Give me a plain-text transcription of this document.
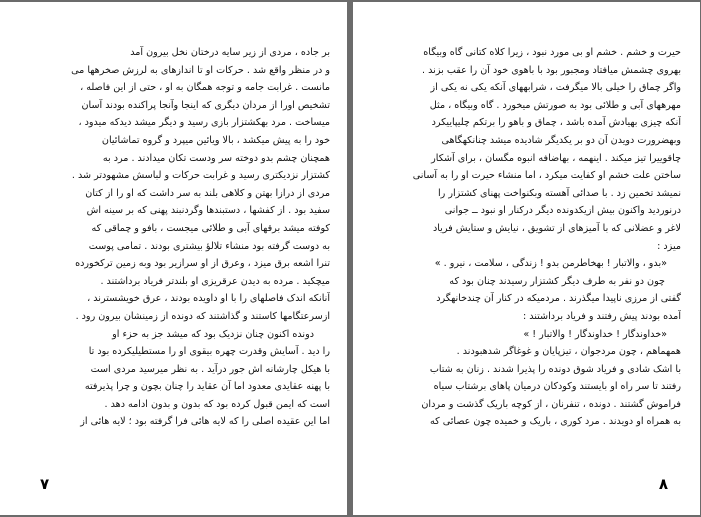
بر جاده ، مردی از زیر سایه درختان نخل بیرون آمد
و در منظر واقع شد . حرکات او تا اندازهای به لرزش صخرهها می
مانست . غرابت جامه و توجه همگان به او ، حتی از این فاصله ،
تشخیص اورا از مردان دیگری که اینجا وآنجا پراکنده بودند آسان
میساخت . مرد بهکشتزار بازی رسید و دیگر میشد دیدکه میدود ،
خود را به پیش میکشد ، بالا ویائین میپرد و گروه تماشائیان
همچنان چشم بدو دوخته سر ودست تکان میدادند . مرد به
کشتزار نزدیکتری رسید و غرابت حرکات و لباسش مشهودتر شد .
مردی از درازا بهتن و کلاهی بلند به سر داشت که او را از کتان
سفید بود . از کفشها ، دستبندها وگردنبند پهنی که بر سینه اش
کوفته میشد برقهای آبی و طلائی میجست ، بافو و چماقی که
به دوست گرفته بود منشاء تلالؤ بیشتری بودند . تمامی پوست
تنرا اشعه برق میزد ، وعرق از او سرازیر بود وبه زمین ترکخورده
میچکید . مرده به دیدن عرقریزی او بلندتر فریاد برداشتند .
آنانکه اندک فاصلهای را با او داویده بودند ، عرق خویشسترند ،
ازسرعتگامها کاستند و گذاشتند که دونده از زمینشان بیرون رود .
دونده اکنون چنان نزدیک بود که میشد جز به حزء او
را دید . آسایش وقدرت چهره بیقوی او را مستطیلیکرده بود تا
با هیکل چارشانه اش جور درآید . به نظر میرسید مردی است
با پهنه عقایدی معدود اما آن عقاید را چنان بچون و چرا پذیرفته
است که ایمن قبول کرده بود که بدون و بدون ادامه دهد .
اما این عقیده اصلی را که لایه هائی فرا گرفته بود ؛ لایه هائی از
۷
حیرت و خشم . خشم او بی مورد نبود ، زیرا کلاه کتانی گاه وبیگاه
بهروی چشمش میافتاد ومجبور بود با باهوی خود آن را عقب بزند .
واگر چماق را خیلی بالا میگرفت ، شرابههای آنکه یکی نه یکی از
مهرههای آبی و طلائی بود به صورتش میخورد . گاه وبیگاه ، مثل
آنکه چیزی بهیادش آمده باشد ، چماق و باهو را برتکم چلیپاییکرد
وبهضرورت دویدن آن دو بر یکدیگر شادیده میشد چنانکهگاهی
چاقوییرا تیز میکند . اینهمه ، بهاضافه انبوه مگسان ، برای آشکار
ساختن علت خشم او کفایت میکرد ، اما منشاء حیرت او را به آسانی
نمیشد تخمین زد . با صدائی آهسته وبکنواخت پهنای کشتزار را
درنوردید واکنون بیش ازیکدونده دیگر درکنار او نبود ــ جوانی
لاغر و عضلانی که با آمیزهای از تشویق ، نیایش و ستایش فریاد
میزد :
«بدو ، والاتبار ! بهخاطرمن بدو ! زندگی ، سلامت ، نیرو . »
چون دو نفر به طرف دیگر کشتزار رسیدند چنان بود که
گفتی از مرزی ناپیدا میگذرند . مردمیکه در کنار آن چندخانهگرد
آمده بودند پیش رفتند و فریاد برداشتند :
«خداوندگار ! خداوندگار ! والاتبار ! »
همهماهم ، چون مردجوان ، تیزپایان و غوغاگر شدهبودند .
با اشک شادی و فریاد شوق دونده را پذیرا شدند . زنان به شتاب
رفتند تا سر راه او بایستند وکودکان درمیان پاهای برشتاب سیاه
فراموش گشتند . دونده ، تنفرنان ، از کوچه باریک گذشت و مردان
به همراه او دویدند . مرد کوری ، باریک و خمیده چون عصائی که
۸
